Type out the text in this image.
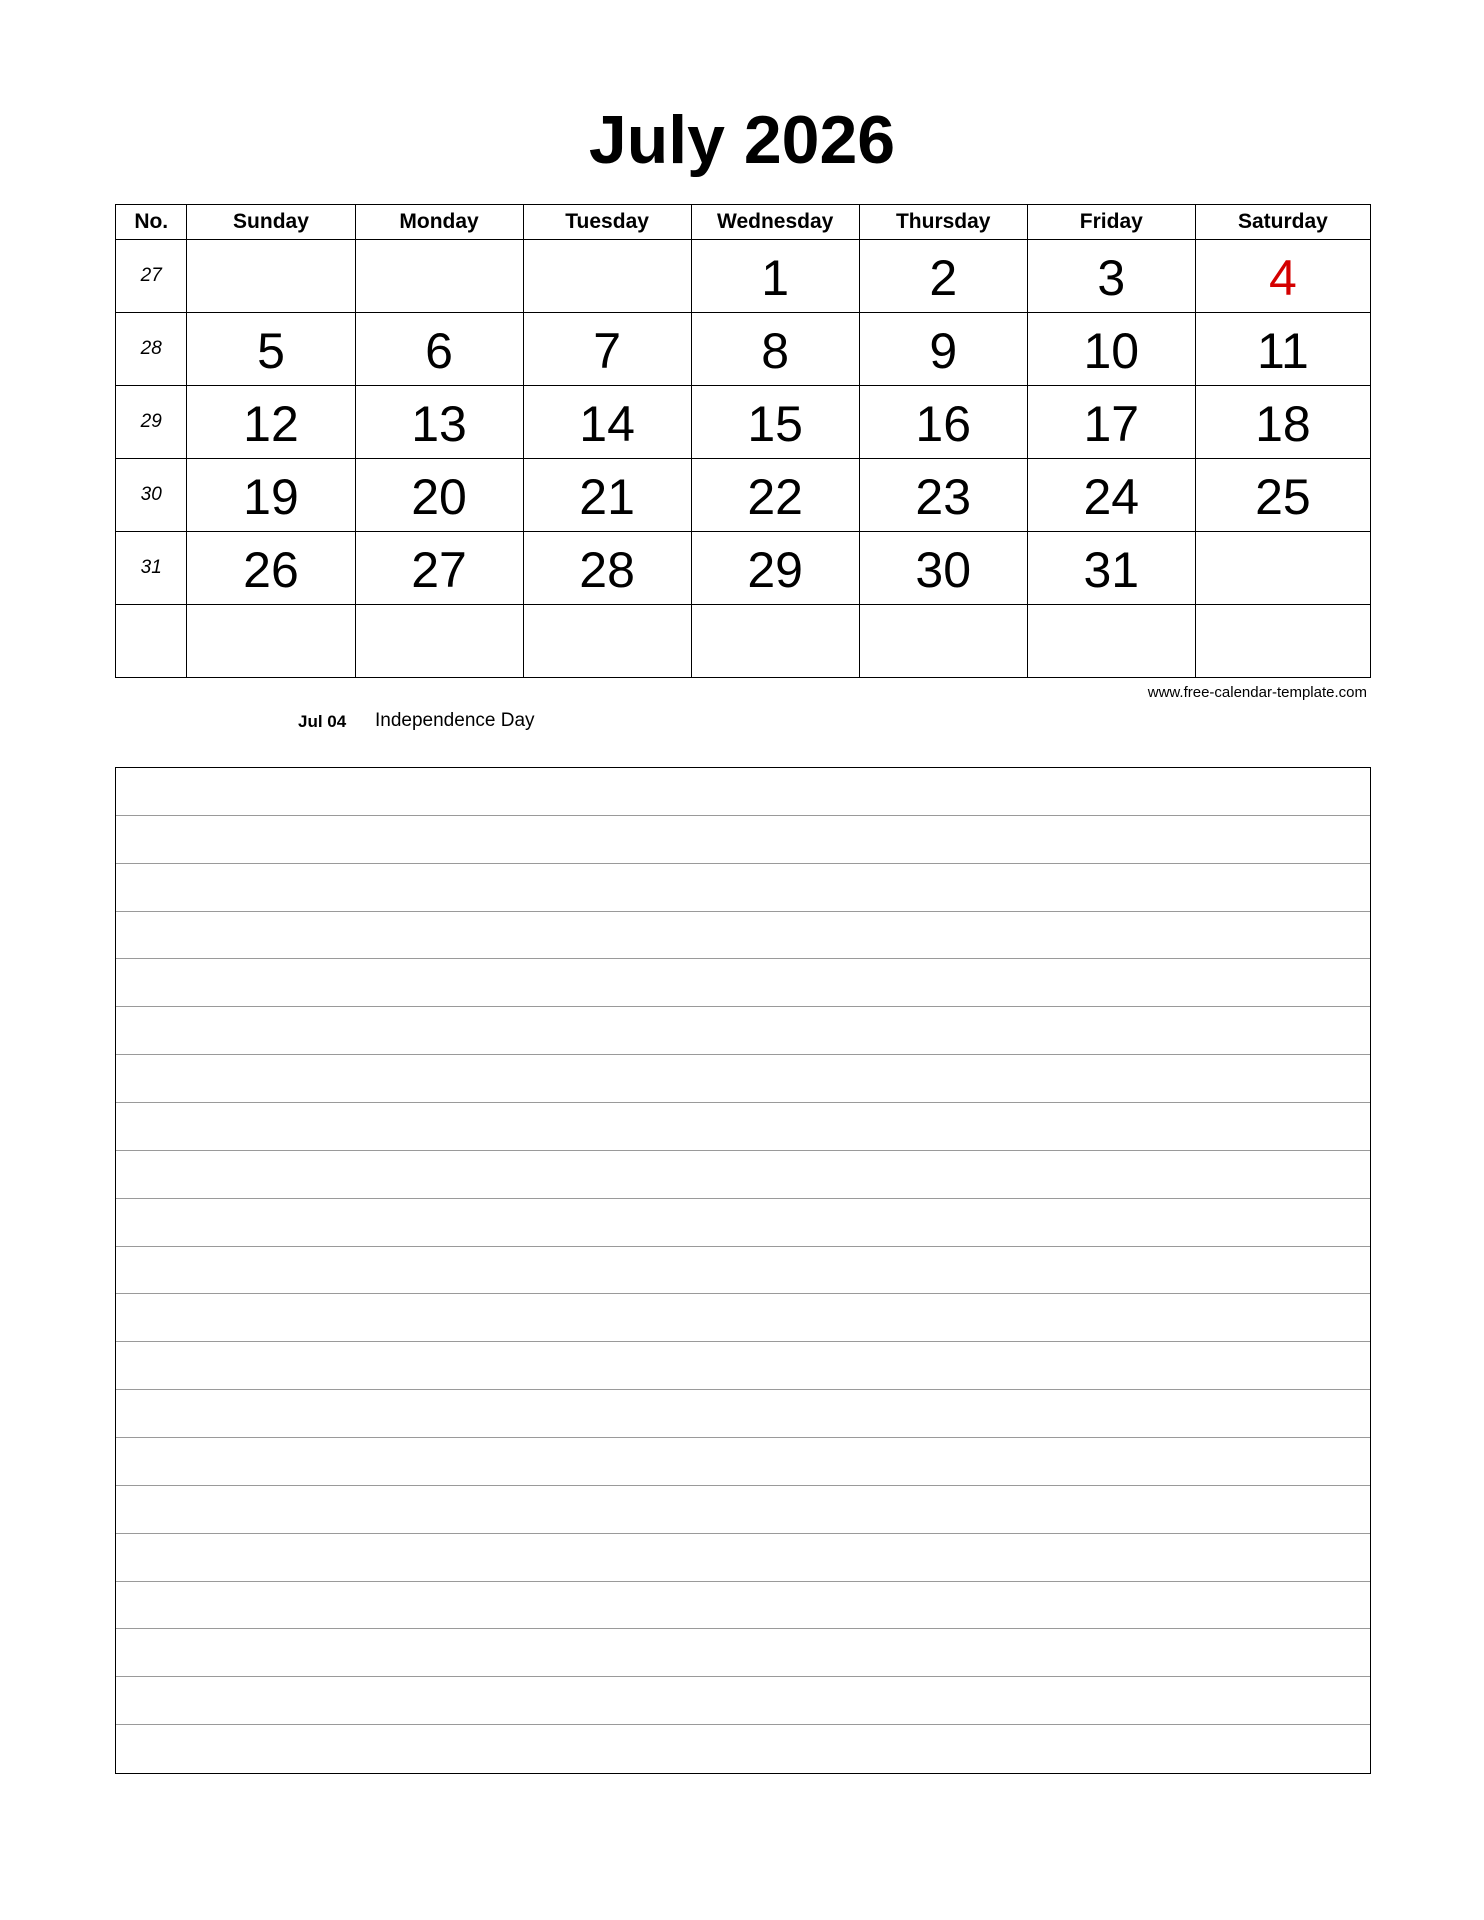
July 2026
No.	Sunday	Monday	Tuesday	Wednesday	Thursday	Friday	Saturday
27				1	2	3	4
28	5	6	7	8	9	10	11
29	12	13	14	15	16	17	18
30	19	20	21	22	23	24	25
31	26	27	28	29	30	31	

www.free-calendar-template.com
Jul 04 Independence Day
